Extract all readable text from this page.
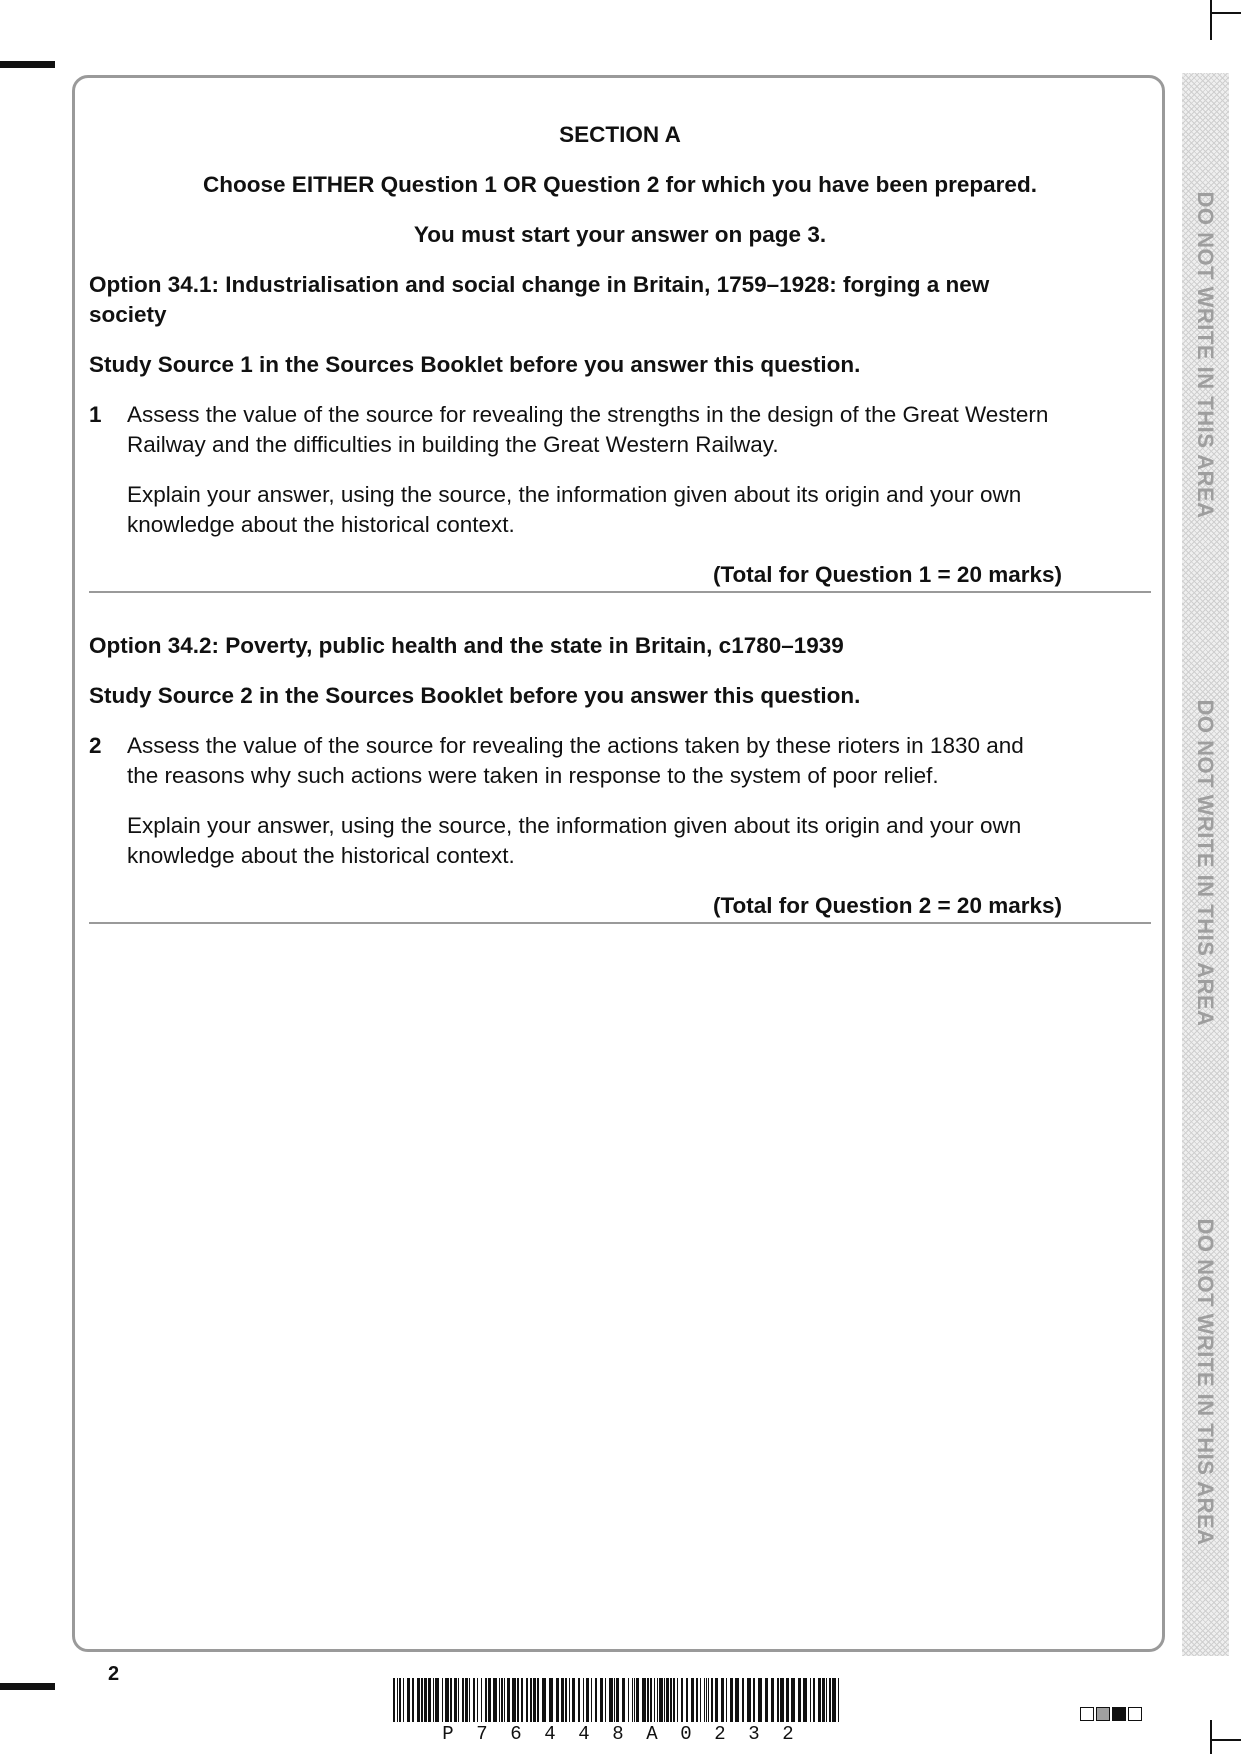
DO NOT WRITE IN THIS AREA
DO NOT WRITE IN THIS AREA
DO NOT WRITE IN THIS AREA

SECTION A

Choose EITHER Question 1 OR Question 2 for which you have been prepared.

You must start your answer on page 3.

Option 34.1: Industrialisation and social change in Britain, 1759–1928: forging a new society

Study Source 1 in the Sources Booklet before you answer this question.

1 Assess the value of the source for revealing the strengths in the design of the Great Western Railway and the difficulties in building the Great Western Railway.
Explain your answer, using the source, the information given about its origin and your own knowledge about the historical context.

(Total for Question 1 = 20 marks)

Option 34.2: Poverty, public health and the state in Britain, c1780–1939

Study Source 2 in the Sources Booklet before you answer this question.

2 Assess the value of the source for revealing the actions taken by these rioters in 1830 and the reasons why such actions were taken in response to the system of poor relief.
Explain your answer, using the source, the information given about its origin and your own knowledge about the historical context.

(Total for Question 2 = 20 marks)

2
P 7 6 4 4 8 A 0 2 3 2
